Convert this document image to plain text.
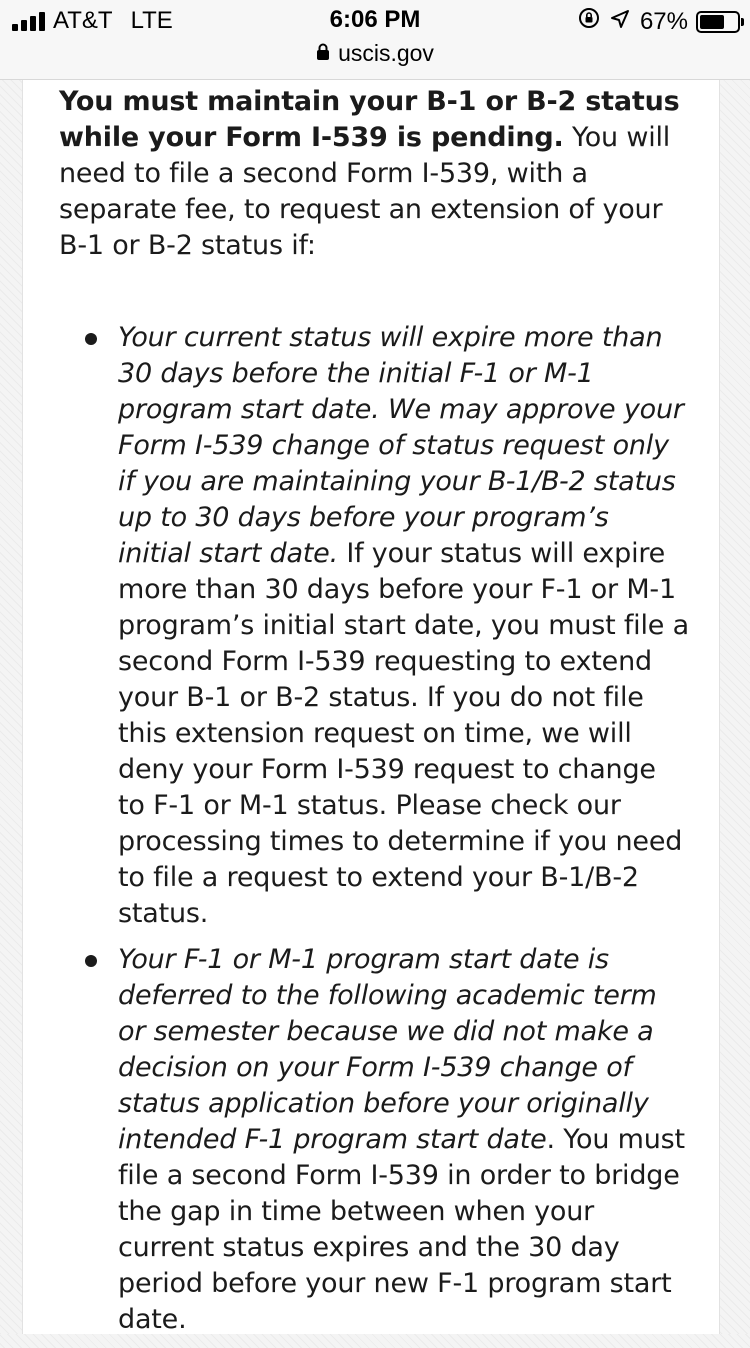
AT&T LTE	6:06 PM	67%
uscis.gov

You must maintain your B-1 or B-2 status while your Form I-539 is pending. You will need to file a second Form I-539, with a separate fee, to request an extension of your B-1 or B-2 status if:

Your current status will expire more than 30 days before the initial F-1 or M-1 program start date. We may approve your Form I-539 change of status request only if you are maintaining your B-1/B-2 status up to 30 days before your program’s initial start date. If your status will expire more than 30 days before your F-1 or M-1 program’s initial start date, you must file a second Form I-539 requesting to extend your B-1 or B-2 status. If you do not file this extension request on time, we will deny your Form I-539 request to change to F-1 or M-1 status. Please check our processing times to determine if you need to file a request to extend your B-1/B-2 status.
Your F-1 or M-1 program start date is deferred to the following academic term or semester because we did not make a decision on your Form I-539 change of status application before your originally intended F-1 program start date. You must file a second Form I-539 in order to bridge the gap in time between when your current status expires and the 30 day period before your new F-1 program start date.
